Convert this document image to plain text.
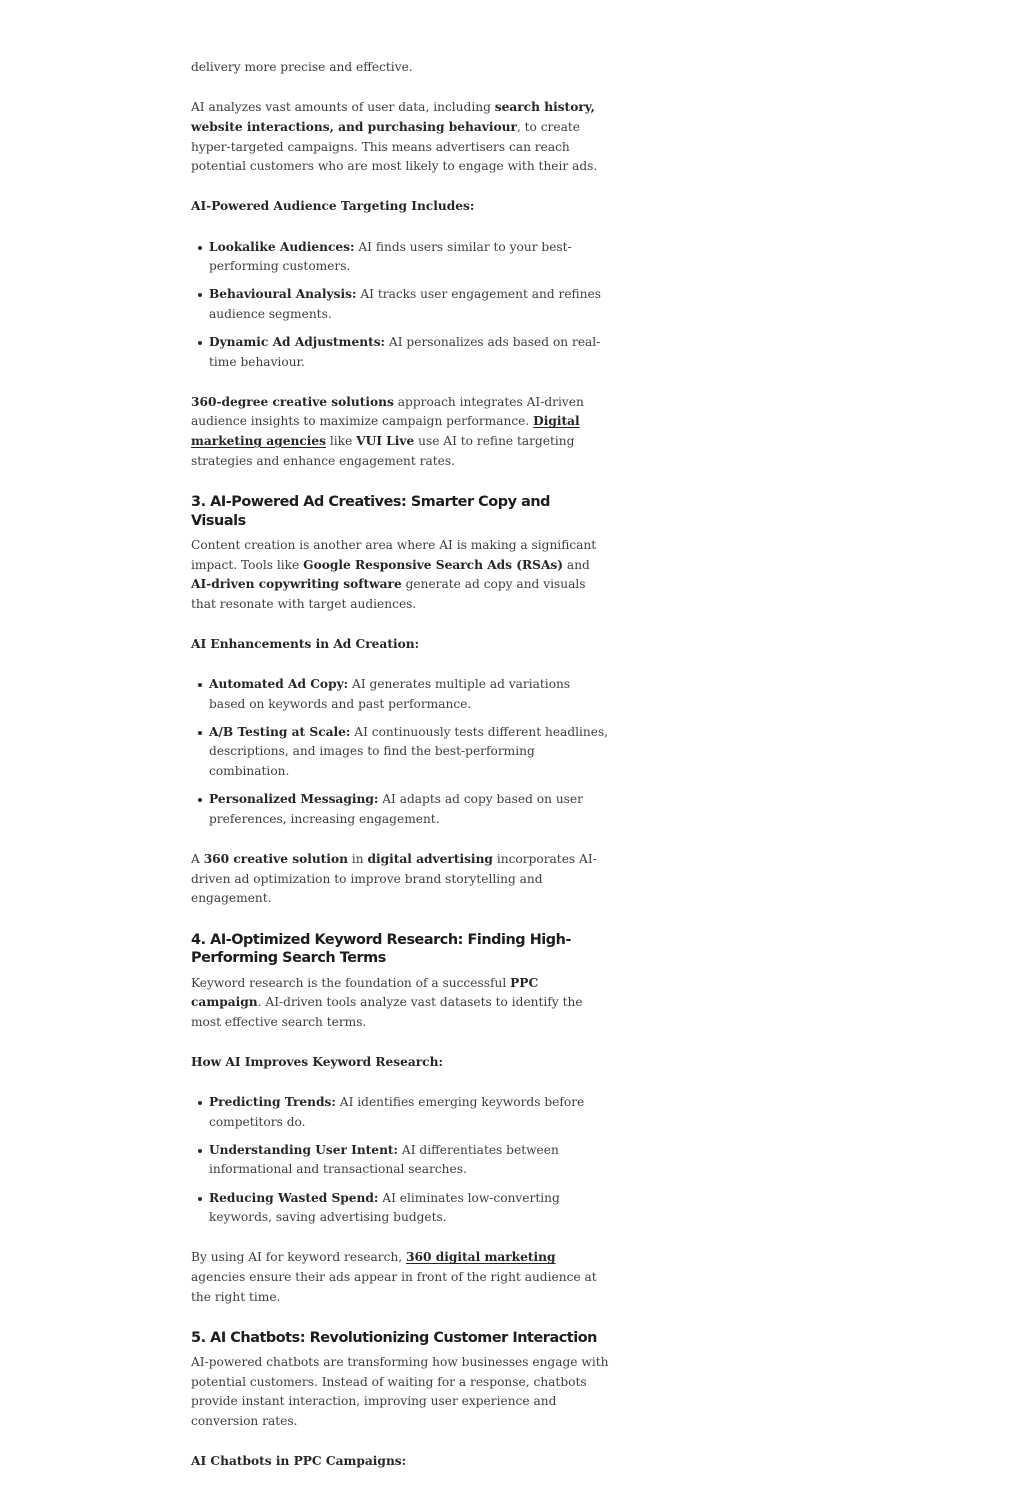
delivery more precise and effective.

AI analyzes vast amounts of user data, including search history, website interactions, and purchasing behaviour, to create hyper-targeted campaigns. This means advertisers can reach potential customers who are most likely to engage with their ads.

AI-Powered Audience Targeting Includes:

Lookalike Audiences: AI finds users similar to your best-performing customers.
Behavioural Analysis: AI tracks user engagement and refines audience segments.
Dynamic Ad Adjustments: AI personalizes ads based on real-time behaviour.

360-degree creative solutions approach integrates AI-driven audience insights to maximize campaign performance. Digital marketing agencies like VUI Live use AI to refine targeting strategies and enhance engagement rates.

3. AI-Powered Ad Creatives: Smarter Copy and Visuals

Content creation is another area where AI is making a significant impact. Tools like Google Responsive Search Ads (RSAs) and AI-driven copywriting software generate ad copy and visuals that resonate with target audiences.

AI Enhancements in Ad Creation:

Automated Ad Copy: AI generates multiple ad variations based on keywords and past performance.
A/B Testing at Scale: AI continuously tests different headlines, descriptions, and images to find the best-performing combination.
Personalized Messaging: AI adapts ad copy based on user preferences, increasing engagement.

A 360 creative solution in digital advertising incorporates AI-driven ad optimization to improve brand storytelling and engagement.

4. AI-Optimized Keyword Research: Finding High-Performing Search Terms

Keyword research is the foundation of a successful PPC campaign. AI-driven tools analyze vast datasets to identify the most effective search terms.

How AI Improves Keyword Research:

Predicting Trends: AI identifies emerging keywords before competitors do.
Understanding User Intent: AI differentiates between informational and transactional searches.
Reducing Wasted Spend: AI eliminates low-converting keywords, saving advertising budgets.

By using AI for keyword research, 360 digital marketing agencies ensure their ads appear in front of the right audience at the right time.

5. AI Chatbots: Revolutionizing Customer Interaction

AI-powered chatbots are transforming how businesses engage with potential customers. Instead of waiting for a response, chatbots provide instant interaction, improving user experience and conversion rates.

AI Chatbots in PPC Campaigns:
